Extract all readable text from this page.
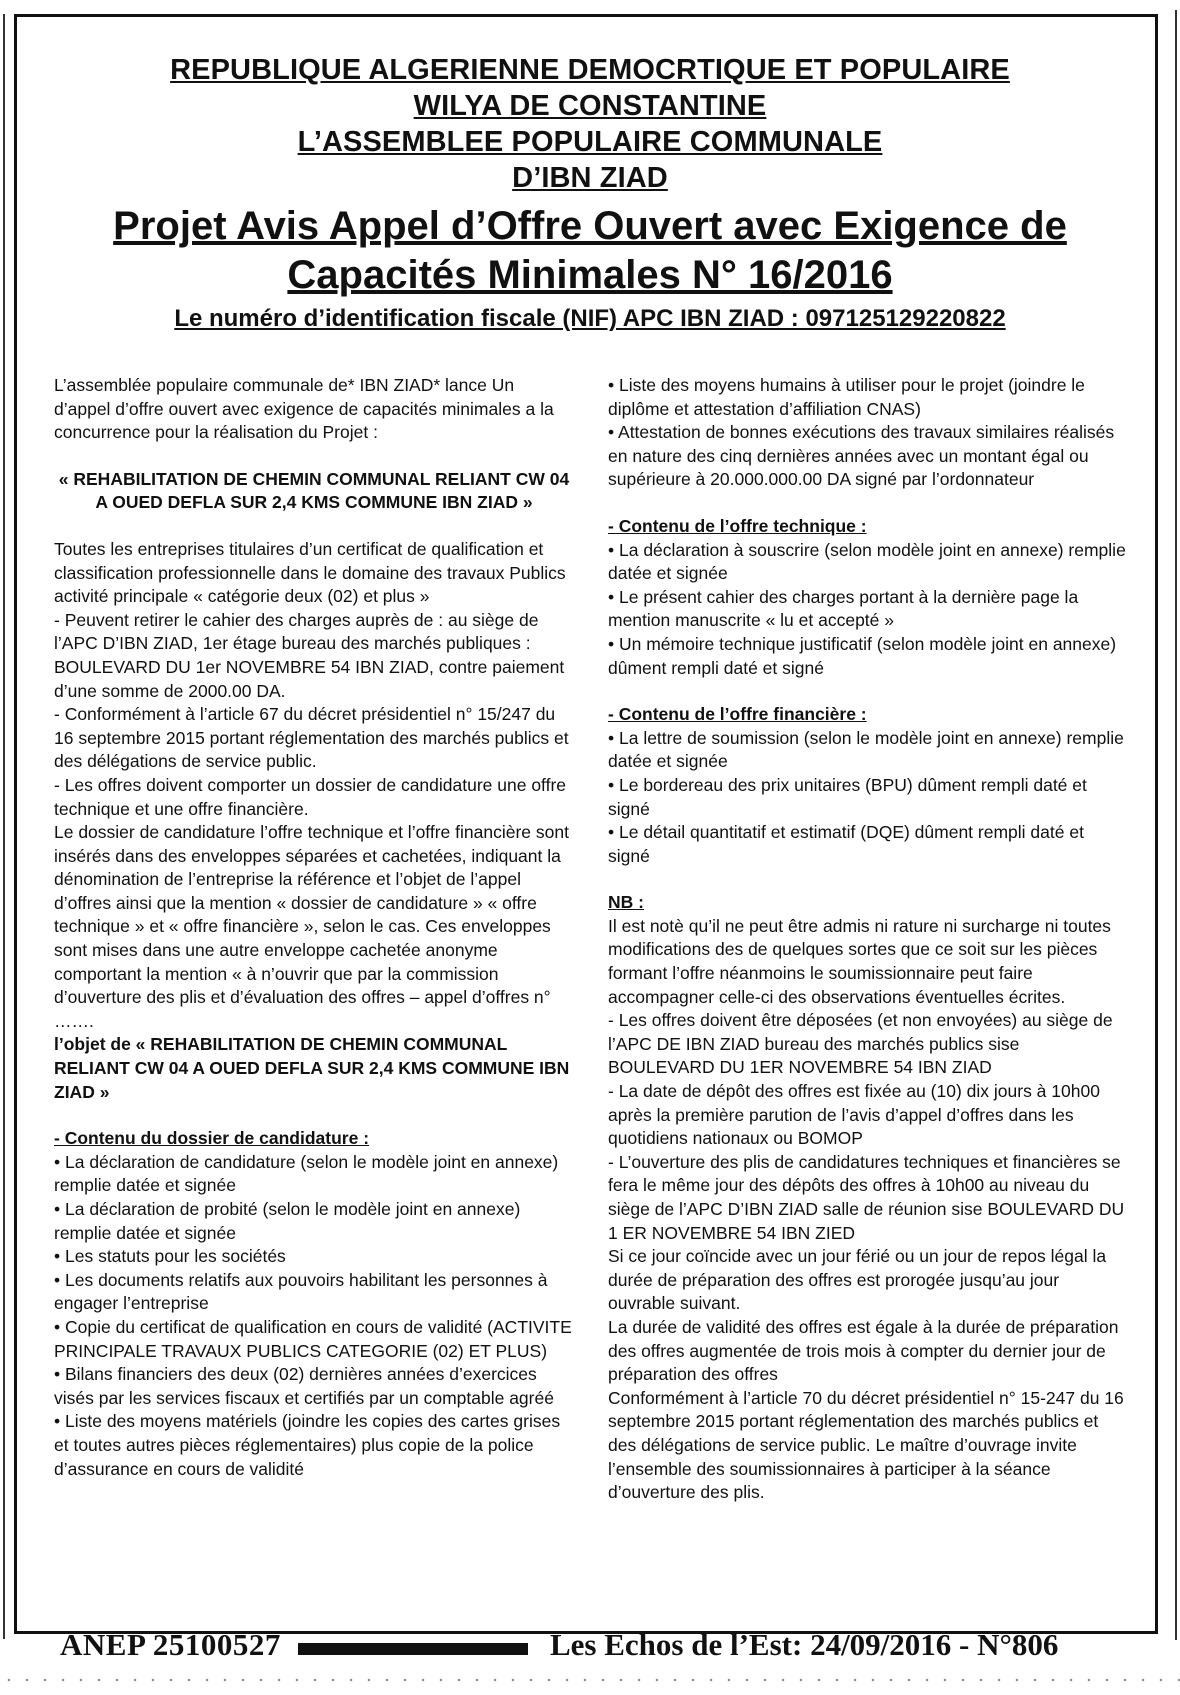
REPUBLIQUE ALGERIENNE DEMOCRTIQUE ET POPULAIRE
WILYA DE CONSTANTINE
L’ASSEMBLEE POPULAIRE COMMUNALE
D’IBN ZIAD
Projet Avis Appel d’Offre Ouvert avec Exigence de
Capacités Minimales N° 16/2016
Le numéro d’identification fiscale (NIF) APC IBN ZIAD : 097125129220822

L’assemblée populaire communale de* IBN ZIAD* lance Un d’appel d’offre ouvert avec exigence de capacités minimales a la concurrence pour la réalisation du Projet :

« REHABILITATION DE CHEMIN COMMUNAL RELIANT CW 04 A OUED DEFLA SUR 2,4 KMS COMMUNE IBN ZIAD »

Toutes les entreprises titulaires d’un certificat de qualification et classification professionnelle dans le domaine des travaux Publics activité principale « catégorie deux (02) et plus »

- Peuvent retirer le cahier des charges auprès de : au siège de l’APC D’IBN ZIAD, 1er étage bureau des marchés publiques : BOULEVARD DU 1er NOVEMBRE 54 IBN ZIAD, contre paiement d’une somme de 2000.00 DA.

- Conformément à l’article 67 du décret présidentiel n° 15/247 du 16 septembre 2015 portant réglementation des marchés publics et des délégations de service public.

- Les offres doivent comporter un dossier de candidature une offre technique et une offre financière.

Le dossier de candidature l’offre technique et l’offre financière sont insérés dans des enveloppes séparées et cachetées, indiquant la dénomination de l’entreprise la référence et l’objet de l’appel d’offres ainsi que la mention « dossier de candidature » « offre technique » et « offre financière », selon le cas. Ces enveloppes sont mises dans une autre enveloppe cachetée anonyme comportant la mention « à n’ouvrir que par la commission d’ouverture des plis et d’évaluation des offres – appel d’offres n° …….

l’objet de « REHABILITATION DE CHEMIN COMMUNAL RELIANT CW 04 A OUED DEFLA SUR 2,4 KMS COMMUNE IBN ZIAD »

- Contenu du dossier de candidature :

• La déclaration de candidature (selon le modèle joint en annexe) remplie datée et signée

• La déclaration de probité (selon le modèle joint en annexe) remplie datée et signée

• Les statuts pour les sociétés

• Les documents relatifs aux pouvoirs habilitant les personnes à engager l’entreprise

• Copie du certificat de qualification en cours de validité (ACTIVITE PRINCIPALE TRAVAUX PUBLICS CATEGORIE (02) ET PLUS)

• Bilans financiers des deux (02) dernières années d’exercices visés par les services fiscaux et certifiés par un comptable agréé

• Liste des moyens matériels (joindre les copies des cartes grises et toutes autres pièces réglementaires) plus copie de la police d’assurance en cours de validité

• Liste des moyens humains à utiliser pour le projet (joindre le diplôme et attestation d’affiliation CNAS)

• Attestation de bonnes exécutions des travaux similaires réalisés en nature des cinq dernières années avec un montant égal ou supérieure à 20.000.000.00 DA signé par l’ordonnateur

- Contenu de l’offre technique :

• La déclaration à souscrire (selon modèle joint en annexe) remplie datée et signée

• Le présent cahier des charges portant à la dernière page la mention manuscrite « lu et accepté »

• Un mémoire technique justificatif (selon modèle joint en annexe) dûment rempli daté et signé

- Contenu de l’offre financière :

• La lettre de soumission (selon le modèle joint en annexe) remplie datée et signée

• Le bordereau des prix unitaires (BPU) dûment rempli daté et signé

• Le détail quantitatif et estimatif (DQE) dûment rempli daté et signé

NB :

Il est notè qu’il ne peut être admis ni rature ni surcharge ni toutes modifications des de quelques sortes que ce soit sur les pièces formant l’offre néanmoins le soumissionnaire peut faire accompagner celle-ci des observations éventuelles écrites.

- Les offres doivent être déposées (et non envoyées) au siège de l’APC DE IBN ZIAD bureau des marchés publics sise BOULEVARD DU 1ER NOVEMBRE 54 IBN ZIAD

- La date de dépôt des offres est fixée au (10) dix jours à 10h00 après la première parution de l’avis d’appel d’offres dans les quotidiens nationaux ou BOMOP

- L’ouverture des plis de candidatures techniques et financières se fera le même jour des dépôts des offres à 10h00 au niveau du siège de l’APC D’IBN ZIAD salle de réunion sise BOULEVARD DU 1 ER NOVEMBRE 54 IBN ZIED

Si ce jour coïncide avec un jour férié ou un jour de repos légal la durée de préparation des offres est prorogée jusqu’au jour ouvrable suivant.

La durée de validité des offres est égale à la durée de préparation des offres augmentée de trois mois à compter du dernier jour de préparation des offres

Conformément à l’article 70 du décret présidentiel n° 15-247 du 16 septembre 2015 portant réglementation des marchés publics et des délégations de service public. Le maître d’ouvrage invite l’ensemble des soumissionnaires à participer à la séance d’ouverture des plis.

ANEP 25100527	Les Echos de l’Est: 24/09/2016 - N°806
